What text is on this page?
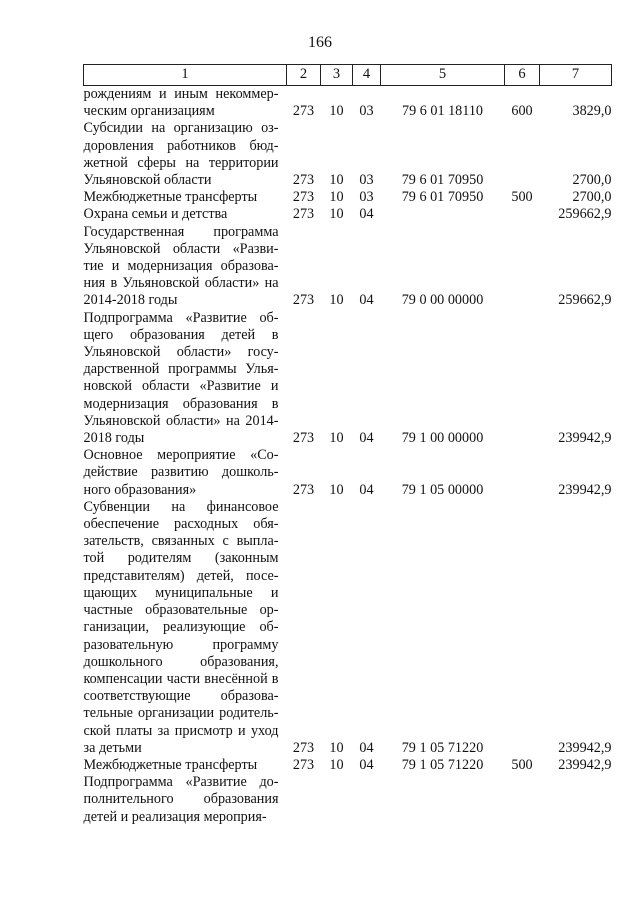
166
1	2	3	4	5	6	7
рождениям и иным некоммер-ческим организациям	273	10	03	79 6 01 18110	600	3829,0
Субсидии на организацию оз-доровления работников бюд-жетной сферы на территории Ульяновской области	273	10	03	79 6 01 70950		2700,0
Межбюджетные трансферты	273	10	03	79 6 01 70950	500	2700,0
Охрана семьи и детства	273	10	04			259662,9
Государственная программа Ульяновской области «Разви-тие и модернизация образова-ния в Ульяновской области» на 2014-2018 годы	273	10	04	79 0 00 00000		259662,9
Подпрограмма «Развитие об-щего образования детей в Ульяновской области» госу-дарственной программы Улья-новской области «Развитие и модернизация образования в Ульяновской области» на 2014-2018 годы	273	10	04	79 1 00 00000		239942,9
Основное мероприятие «Со-действие развитию дошколь-ного образования»	273	10	04	79 1 05 00000		239942,9
Субвенции на финансовое обеспечение расходных обя-зательств, связанных с выпла-той родителям (законным представителям) детей, посе-щающих муниципальные и частные образовательные ор-ганизации, реализующие об-разовательную программу дошкольного образования, компенсации части внесённой в соответствующие образова-тельные организации родитель-ской платы за присмотр и уход за детьми	273	10	04	79 1 05 71220		239942,9
Межбюджетные трансферты	273	10	04	79 1 05 71220	500	239942,9
Подпрограмма «Развитие до-полнительного образования детей и реализация мероприя-						
